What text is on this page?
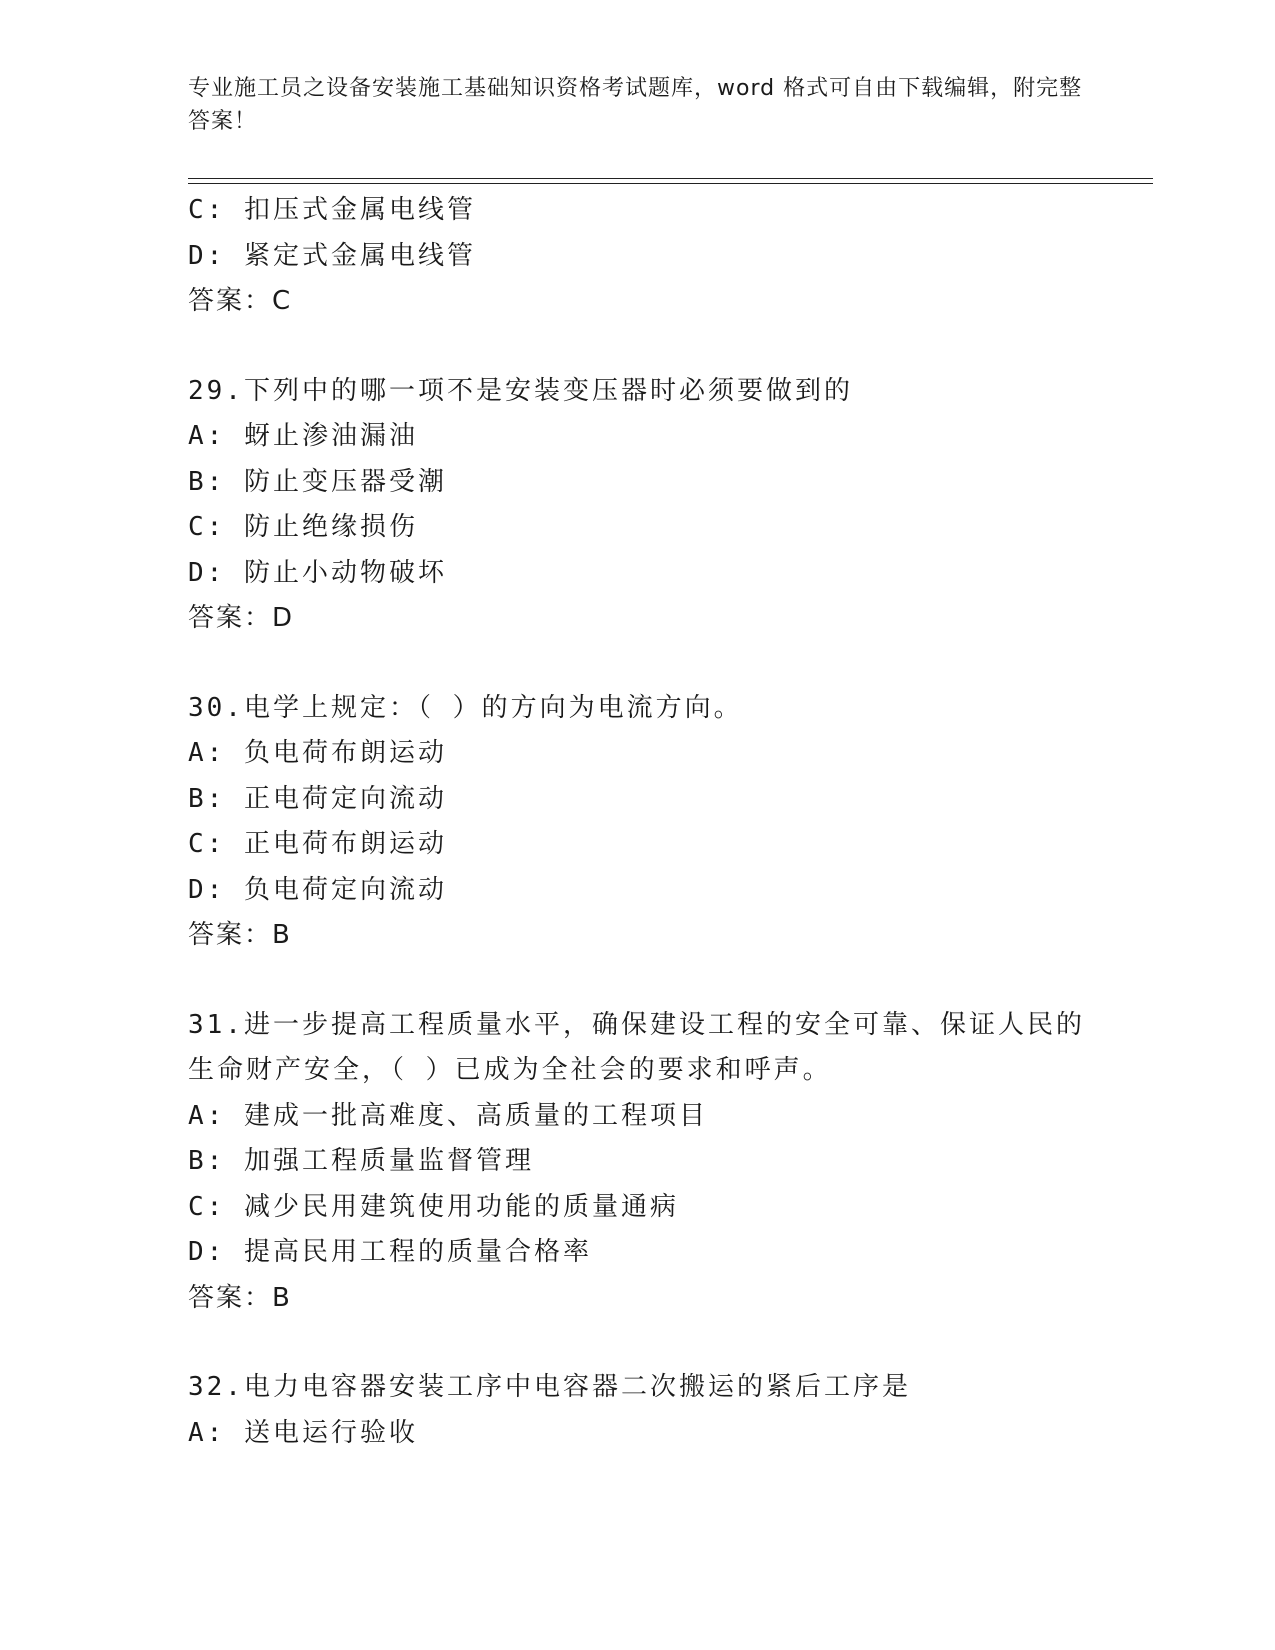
专业施工员之设备安装施工基础知识资格考试题库，word 格式可自由下载编辑，附完整答案！
C: 扣压式金属电线管
D: 紧定式金属电线管
答案：C
29.下列中的哪一项不是安装变压器时必须要做到的
A: 蚜止渗油漏油
B: 防止变压器受潮
C: 防止绝缘损伤
D: 防止小动物破坏
答案：D
30.电学上规定：（ ）的方向为电流方向。
A: 负电荷布朗运动
B: 正电荷定向流动
C: 正电荷布朗运动
D: 负电荷定向流动
答案：B
31.进一步提高工程质量水平，确保建设工程的安全可靠、保证人民的生命财产安全，（ ）已成为全社会的要求和呼声。
A: 建成一批高难度、高质量的工程项目
B: 加强工程质量监督管理
C: 减少民用建筑使用功能的质量通病
D: 提高民用工程的质量合格率
答案：B
32.电力电容器安装工序中电容器二次搬运的紧后工序是
A: 送电运行验收
